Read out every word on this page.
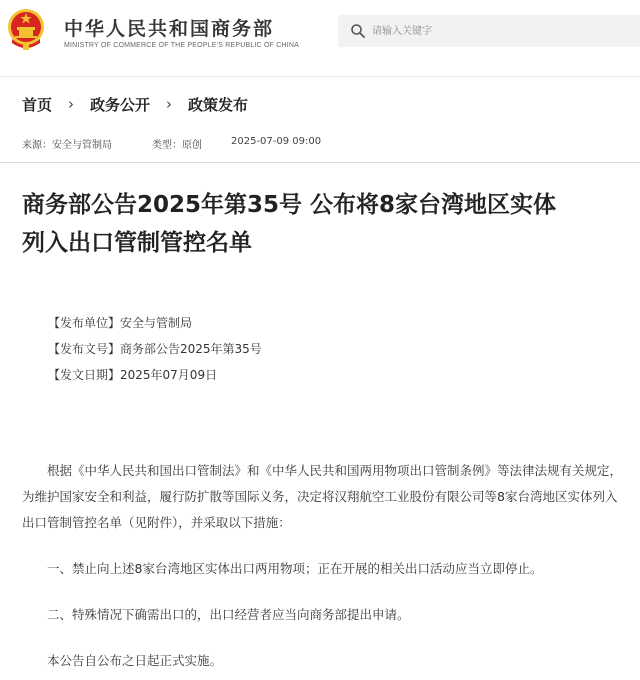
中华人民共和国商务部
MINISTRY OF COMMERCE OF THE PEOPLE'S REPUBLIC OF CHINA
请输入关键字
首页 › 政务公开 › 政策发布
来源：安全与管制局	类型：原创	2025-07-09 09:00
商务部公告2025年第35号 公布将8家台湾地区实体
列入出口管制管控名单
【发布单位】安全与管制局
【发布文号】商务部公告2025年第35号
【发文日期】2025年07月09日

根据《中华人民共和国出口管制法》和《中华人民共和国两用物项出口管制条例》等法律法规有关规定，为维护国家安全和利益，履行防扩散等国际义务，决定将汉翔航空工业股份有限公司等8家台湾地区实体列入出口管制管控名单（见附件），并采取以下措施：

一、禁止向上述8家台湾地区实体出口两用物项；正在开展的相关出口活动应当立即停止。

二、特殊情况下确需出口的，出口经营者应当向商务部提出申请。

本公告自公布之日起正式实施。
